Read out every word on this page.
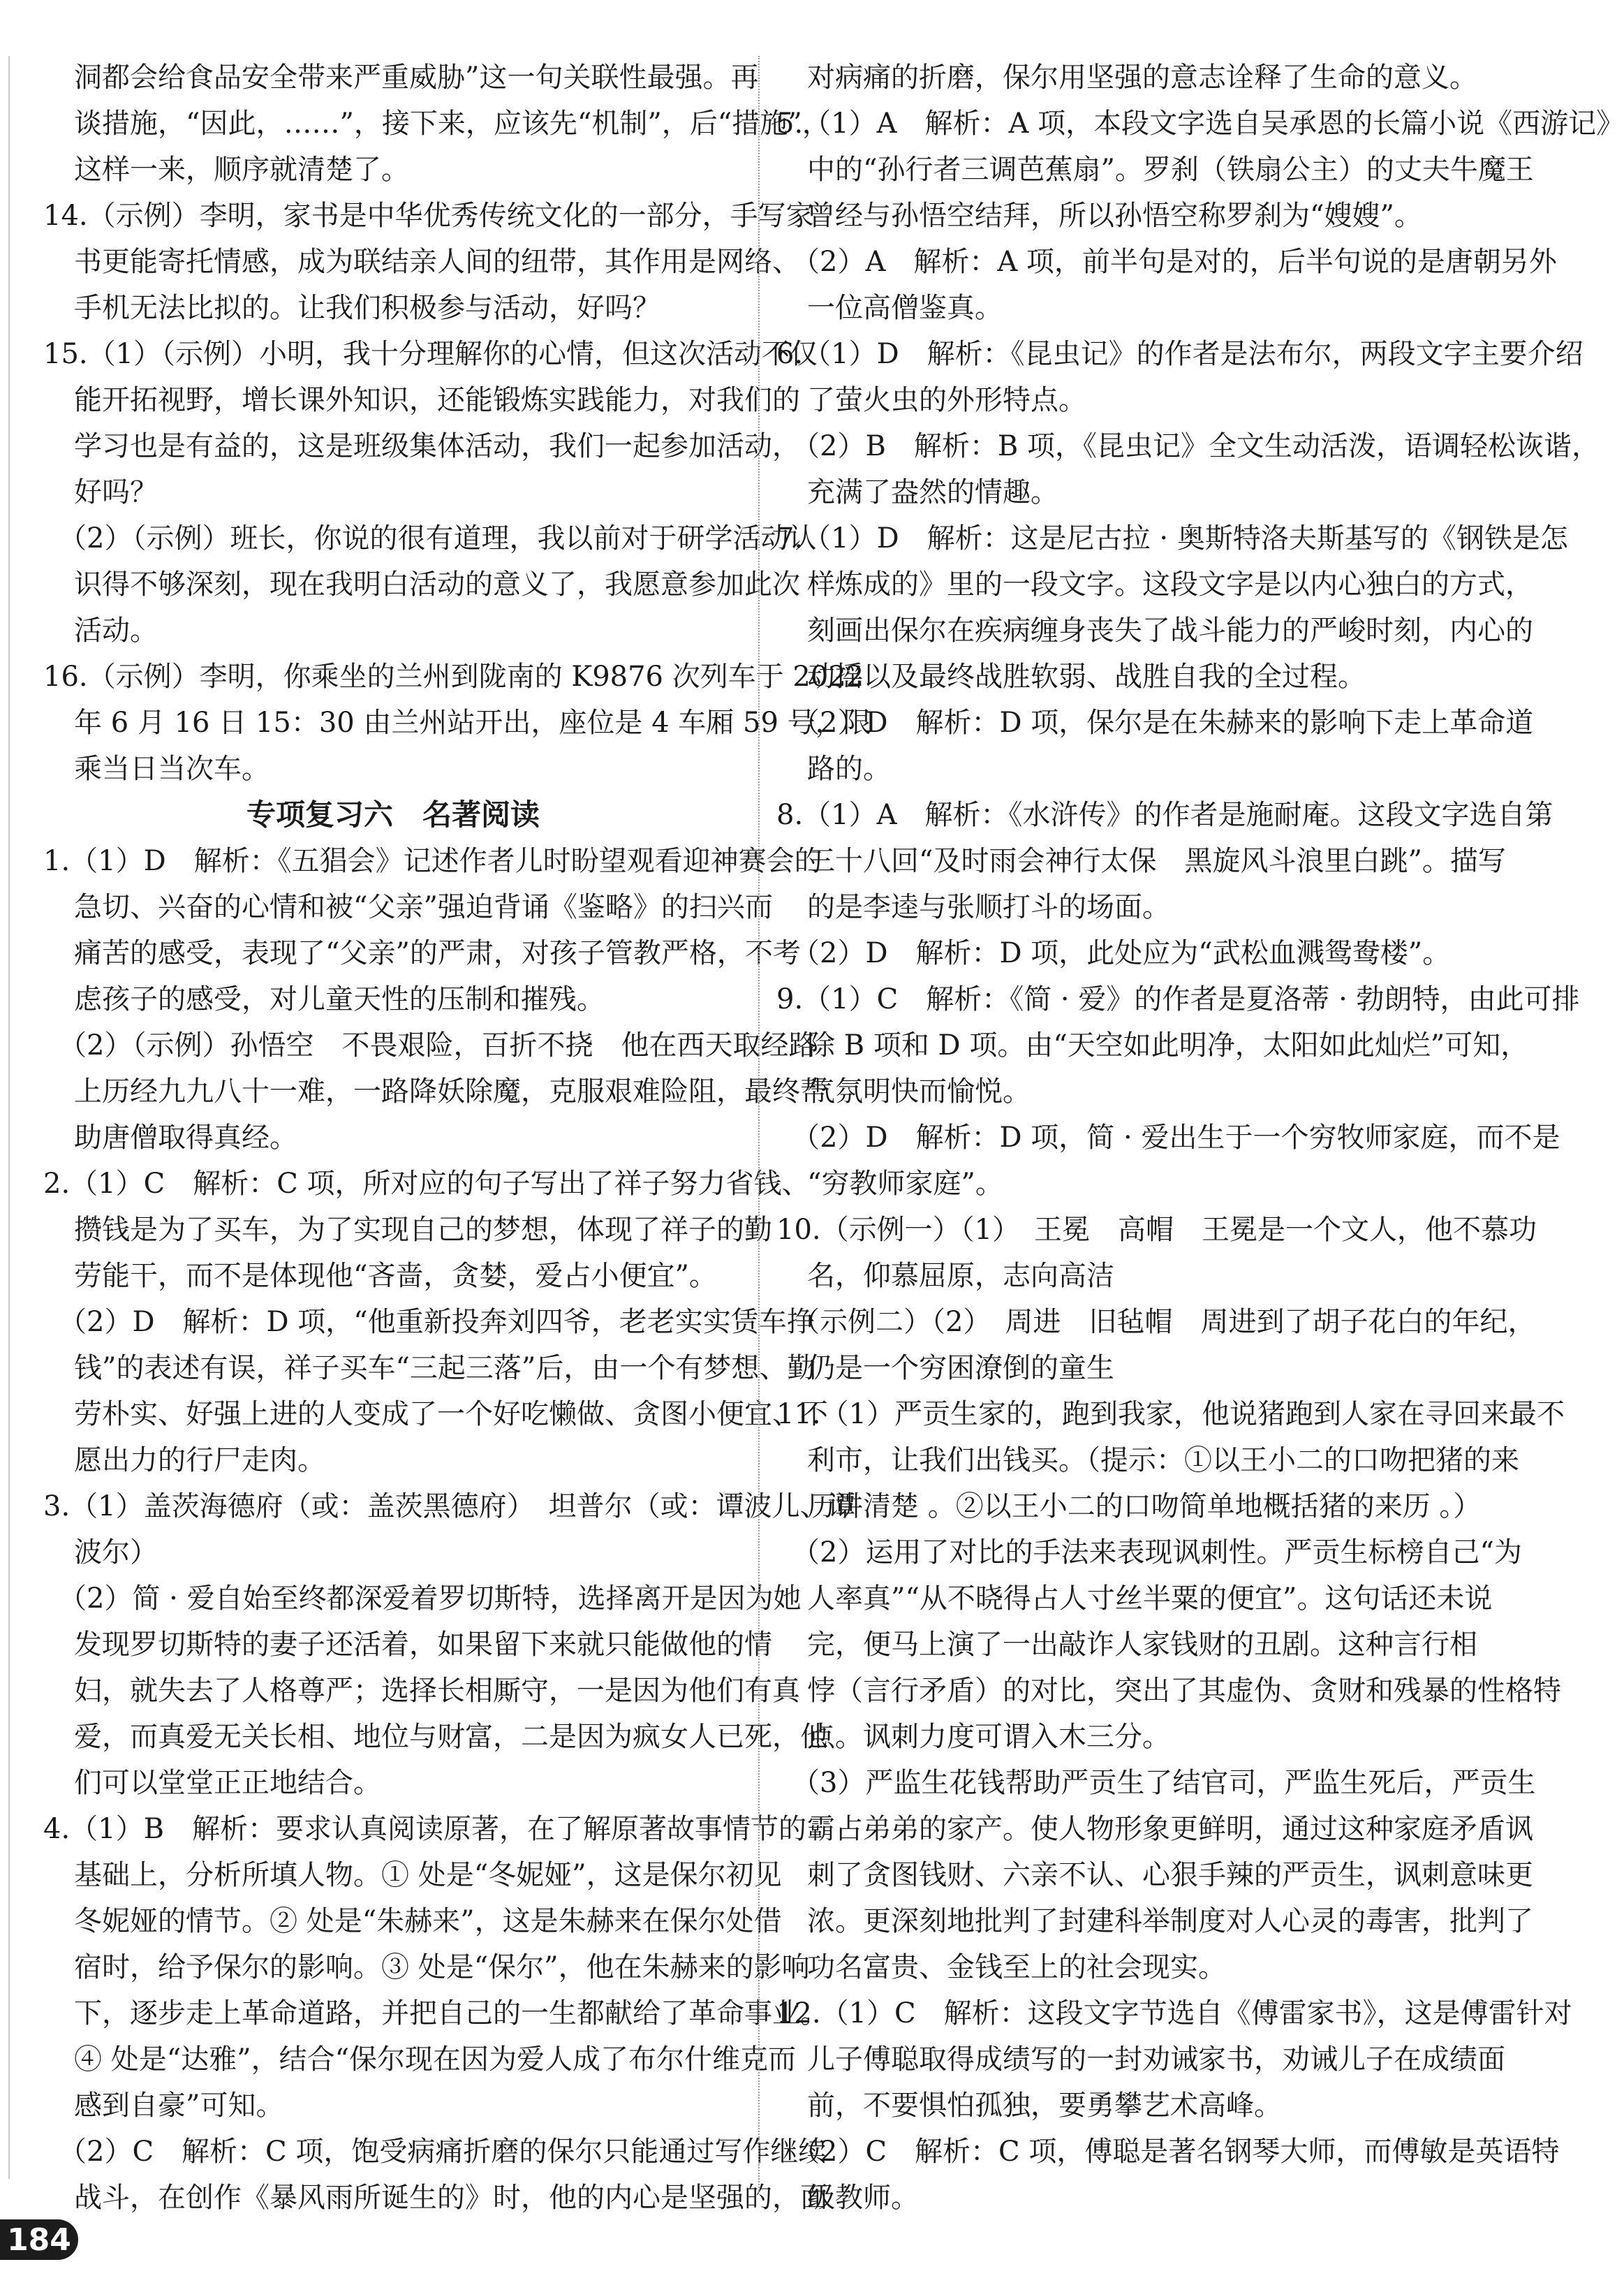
洞都会给食品安全带来严重威胁”这一句关联性最强。再

谈措施，“因此，……”，接下来，应该先“机制”，后“措施”，

这样一来，顺序就清楚了。

14.（示例）李明，家书是中华优秀传统文化的一部分，手写家

书更能寄托情感，成为联结亲人间的纽带，其作用是网络、

手机无法比拟的。让我们积极参与活动，好吗？

15.（1）（示例）小明，我十分理解你的心情，但这次活动不仅

能开拓视野，增长课外知识，还能锻炼实践能力，对我们的

学习也是有益的，这是班级集体活动，我们一起参加活动，

好吗？

（2）（示例）班长，你说的很有道理，我以前对于研学活动认

识得不够深刻，现在我明白活动的意义了，我愿意参加此次

活动。

16.（示例）李明，你乘坐的兰州到陇南的 K9876 次列车于 2022

年 6 月 16 日 15：30 由兰州站开出，座位是 4 车厢 59 号，限

乘当日当次车。

专项复习六　名著阅读

1.（1）D　解析：《五猖会》记述作者儿时盼望观看迎神赛会的

急切、兴奋的心情和被“父亲”强迫背诵《鉴略》的扫兴而

痛苦的感受，表现了“父亲”的严肃，对孩子管教严格，不考

虑孩子的感受，对儿童天性的压制和摧残。

（2）（示例）孙悟空　不畏艰险，百折不挠　他在西天取经路

上历经九九八十一难，一路降妖除魔，克服艰难险阻，最终帮

助唐僧取得真经。

2.（1）C　解析：C 项，所对应的句子写出了祥子努力省钱、

攒钱是为了买车，为了实现自己的梦想，体现了祥子的勤

劳能干，而不是体现他“吝啬，贪婪，爱占小便宜”。

（2）D　解析：D 项，“他重新投奔刘四爷，老老实实赁车挣

钱”的表述有误，祥子买车“三起三落”后，由一个有梦想、勤

劳朴实、好强上进的人变成了一个好吃懒做、贪图小便宜、不

愿出力的行尸走肉。

3.（1）盖茨海德府（或：盖茨黑德府）　坦普尔（或：谭波儿、谭

波尔）

（2）简 · 爱自始至终都深爱着罗切斯特，选择离开是因为她

发现罗切斯特的妻子还活着，如果留下来就只能做他的情

妇，就失去了人格尊严；选择长相厮守，一是因为他们有真

爱，而真爱无关长相、地位与财富，二是因为疯女人已死，他

们可以堂堂正正地结合。

4.（1）B　解析：要求认真阅读原著，在了解原著故事情节的

基础上，分析所填人物。① 处是“冬妮娅”，这是保尔初见

冬妮娅的情节。② 处是“朱赫来”，这是朱赫来在保尔处借

宿时，给予保尔的影响。③ 处是“保尔”，他在朱赫来的影响

下，逐步走上革命道路，并把自己的一生都献给了革命事业。

④ 处是“达雅”，结合“保尔现在因为爱人成了布尔什维克而

感到自豪”可知。

（2）C　解析：C 项，饱受病痛折磨的保尔只能通过写作继续

战斗，在创作《暴风雨所诞生的》时，他的内心是坚强的，面

对病痛的折磨，保尔用坚强的意志诠释了生命的意义。

5.（1）A　解析：A 项，本段文字选自吴承恩的长篇小说《西游记》

中的“孙行者三调芭蕉扇”。罗刹（铁扇公主）的丈夫牛魔王

曾经与孙悟空结拜，所以孙悟空称罗刹为“嫂嫂”。

（2）A　解析：A 项，前半句是对的，后半句说的是唐朝另外

一位高僧鉴真。

6.（1）D　解析：《昆虫记》的作者是法布尔，两段文字主要介绍

了萤火虫的外形特点。

（2）B　解析：B 项，《昆虫记》全文生动活泼，语调轻松诙谐，

充满了盎然的情趣。

7.（1）D　解析：这是尼古拉 · 奥斯特洛夫斯基写的《钢铁是怎

样炼成的》里的一段文字。这段文字是以内心独白的方式，

刻画出保尔在疾病缠身丧失了战斗能力的严峻时刻，内心的

动摇以及最终战胜软弱、战胜自我的全过程。

（2）D　解析：D 项，保尔是在朱赫来的影响下走上革命道

路的。

8.（1）A　解析：《水浒传》的作者是施耐庵。这段文字选自第

三十八回“及时雨会神行太保　黑旋风斗浪里白跳”。描写

的是李逵与张顺打斗的场面。

（2）D　解析：D 项，此处应为“武松血溅鸳鸯楼”。

9.（1）C　解析：《简 · 爱》的作者是夏洛蒂 · 勃朗特，由此可排

除 B 项和 D 项。由“天空如此明净，太阳如此灿烂”可知，

气氛明快而愉悦。

（2）D　解析：D 项，简 · 爱出生于一个穷牧师家庭，而不是

“穷教师家庭”。

10.（示例一）（1）　王冕　高帽　王冕是一个文人，他不慕功

名，仰慕屈原，志向高洁

（示例二）（2）　周进　旧毡帽　周进到了胡子花白的年纪，

仍是一个穷困潦倒的童生

11.（1）严贡生家的，跑到我家，他说猪跑到人家在寻回来最不

利市，让我们出钱买。（提示：①以王小二的口吻把猪的来

历讲清楚 。②以王小二的口吻简单地概括猪的来历 。）

（2）运用了对比的手法来表现讽刺性。严贡生标榜自己“为

人率真”“从不晓得占人寸丝半粟的便宜”。这句话还未说

完，便马上演了一出敲诈人家钱财的丑剧。这种言行相

悖（言行矛盾）的对比，突出了其虚伪、贪财和残暴的性格特

点。讽刺力度可谓入木三分。

（3）严监生花钱帮助严贡生了结官司，严监生死后，严贡生

霸占弟弟的家产。使人物形象更鲜明，通过这种家庭矛盾讽

刺了贪图钱财、六亲不认、心狠手辣的严贡生，讽刺意味更

浓。更深刻地批判了封建科举制度对人心灵的毒害，批判了

功名富贵、金钱至上的社会现实。

12.（1）C　解析：这段文字节选自《傅雷家书》，这是傅雷针对

儿子傅聪取得成绩写的一封劝诫家书，劝诫儿子在成绩面

前，不要惧怕孤独，要勇攀艺术高峰。

（2）C　解析：C 项，傅聪是著名钢琴大师，而傅敏是英语特

级教师。

184
